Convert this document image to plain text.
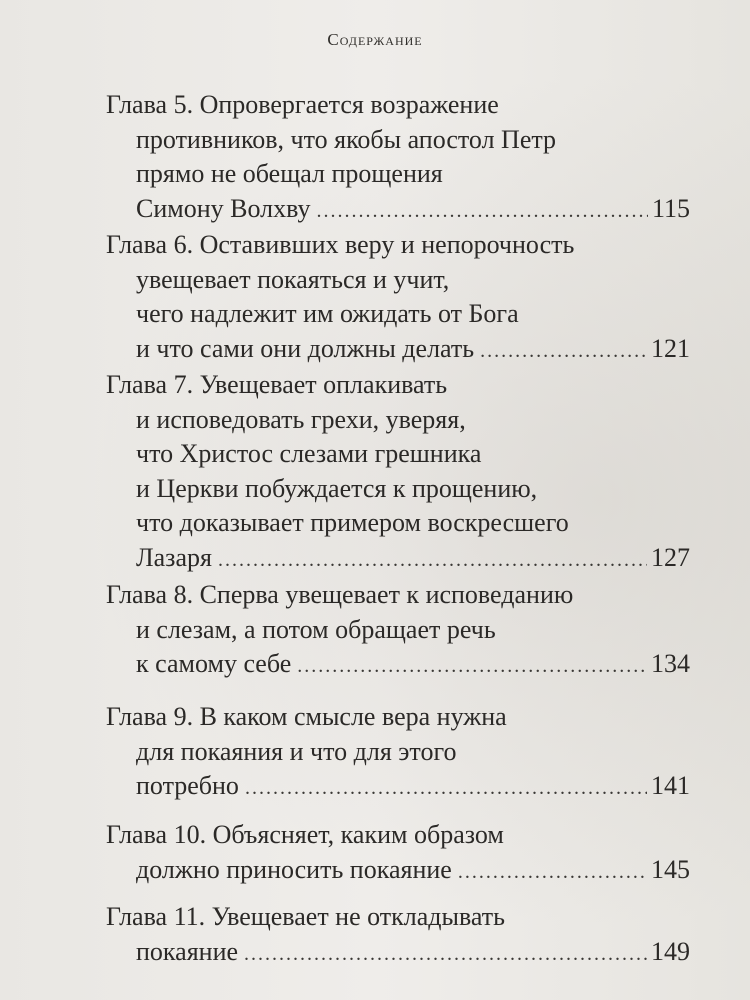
Содержание
Глава 5. Опровергается возражение
противников, что якобы апостол Петр
прямо не обещал прощения
Симону Волхву .....	115
Глава 6. Оставивших веру и непорочность
увещевает покаяться и учит,
чего надлежит им ожидать от Бога
и что сами они должны делать .....	121
Глава 7. Увещевает оплакивать
и исповедовать грехи, уверяя,
что Христос слезами грешника
и Церкви побуждается к прощению,
что доказывает примером воскресшего
Лазаря .....	127
Глава 8. Сперва увещевает к исповеданию
и слезам, а потом обращает речь
к самому себе .....	134
Глава 9. В каком смысле вера нужна
для покаяния и что для этого
потребно .....	141
Глава 10. Объясняет, каким образом
должно приносить покаяние .....	145
Глава 11. Увещевает не откладывать
покаяние .....	149
